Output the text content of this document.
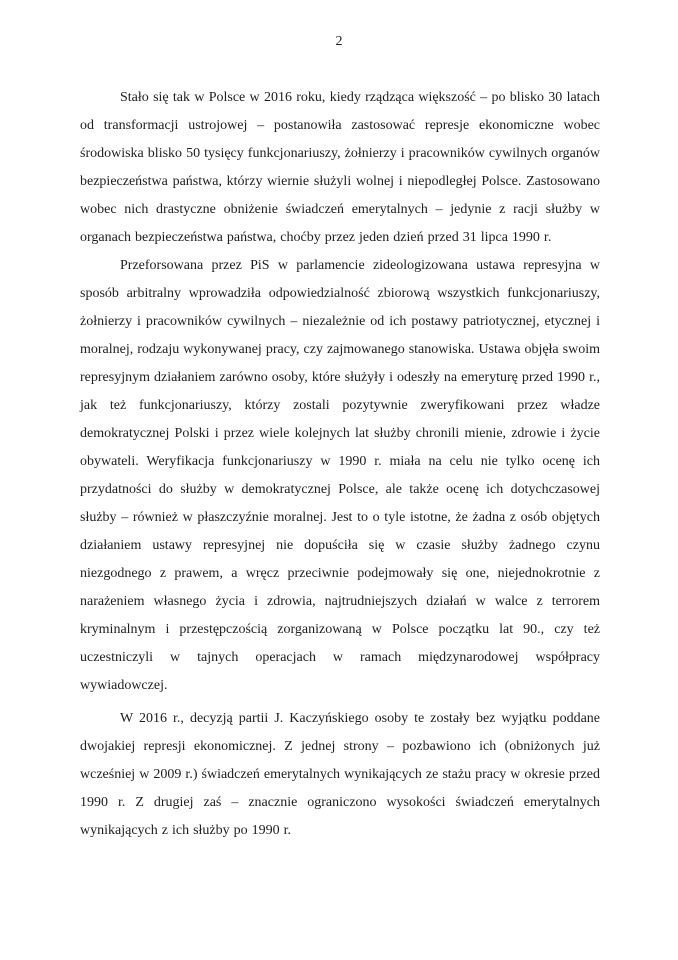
2

Stało się tak w Polsce w 2016 roku, kiedy rządząca większość – po blisko 30 latach od transformacji ustrojowej – postanowiła zastosować represje ekonomiczne wobec środowiska blisko 50 tysięcy funkcjonariuszy, żołnierzy i pracowników cywilnych organów bezpieczeństwa państwa, którzy wiernie służyli wolnej i niepodległej Polsce. Zastosowano wobec nich drastyczne obniżenie świadczeń emerytalnych – jedynie z racji służby w organach bezpieczeństwa państwa, choćby przez jeden dzień przed 31 lipca 1990 r.

Przeforsowana przez PiS w parlamencie zideologizowana ustawa represyjna w sposób arbitralny wprowadziła odpowiedzialność zbiorową wszystkich funkcjonariuszy, żołnierzy i pracowników cywilnych – niezależnie od ich postawy patriotycznej, etycznej i moralnej, rodzaju wykonywanej pracy, czy zajmowanego stanowiska. Ustawa objęła swoim represyjnym działaniem zarówno osoby, które służyły i odeszły na emeryturę przed 1990 r., jak też funkcjonariuszy, którzy zostali pozytywnie zweryfikowani przez władze demokratycznej Polski i przez wiele kolejnych lat służby chronili mienie, zdrowie i życie obywateli. Weryfikacja funkcjonariuszy w 1990 r. miała na celu nie tylko ocenę ich przydatności do służby w demokratycznej Polsce, ale także ocenę ich dotychczasowej służby – również w płaszczyźnie moralnej. Jest to o tyle istotne, że żadna z osób objętych działaniem ustawy represyjnej nie dopuściła się w czasie służby żadnego czynu niezgodnego z prawem, a wręcz przeciwnie podejmowały się one, niejednokrotnie z narażeniem własnego życia i zdrowia, najtrudniejszych działań w walce z terrorem kryminalnym i przestępczością zorganizowaną w Polsce początku lat 90., czy też uczestniczyli w tajnych operacjach w ramach międzynarodowej współpracy wywiadowczej.

W 2016 r., decyzją partii J. Kaczyńskiego osoby te zostały bez wyjątku poddane dwojakiej represji ekonomicznej. Z jednej strony – pozbawiono ich (obniżonych już wcześniej w 2009 r.) świadczeń emerytalnych wynikających ze stażu pracy w okresie przed 1990 r. Z drugiej zaś – znacznie ograniczono wysokości świadczeń emerytalnych wynikających z ich służby po 1990 r.
